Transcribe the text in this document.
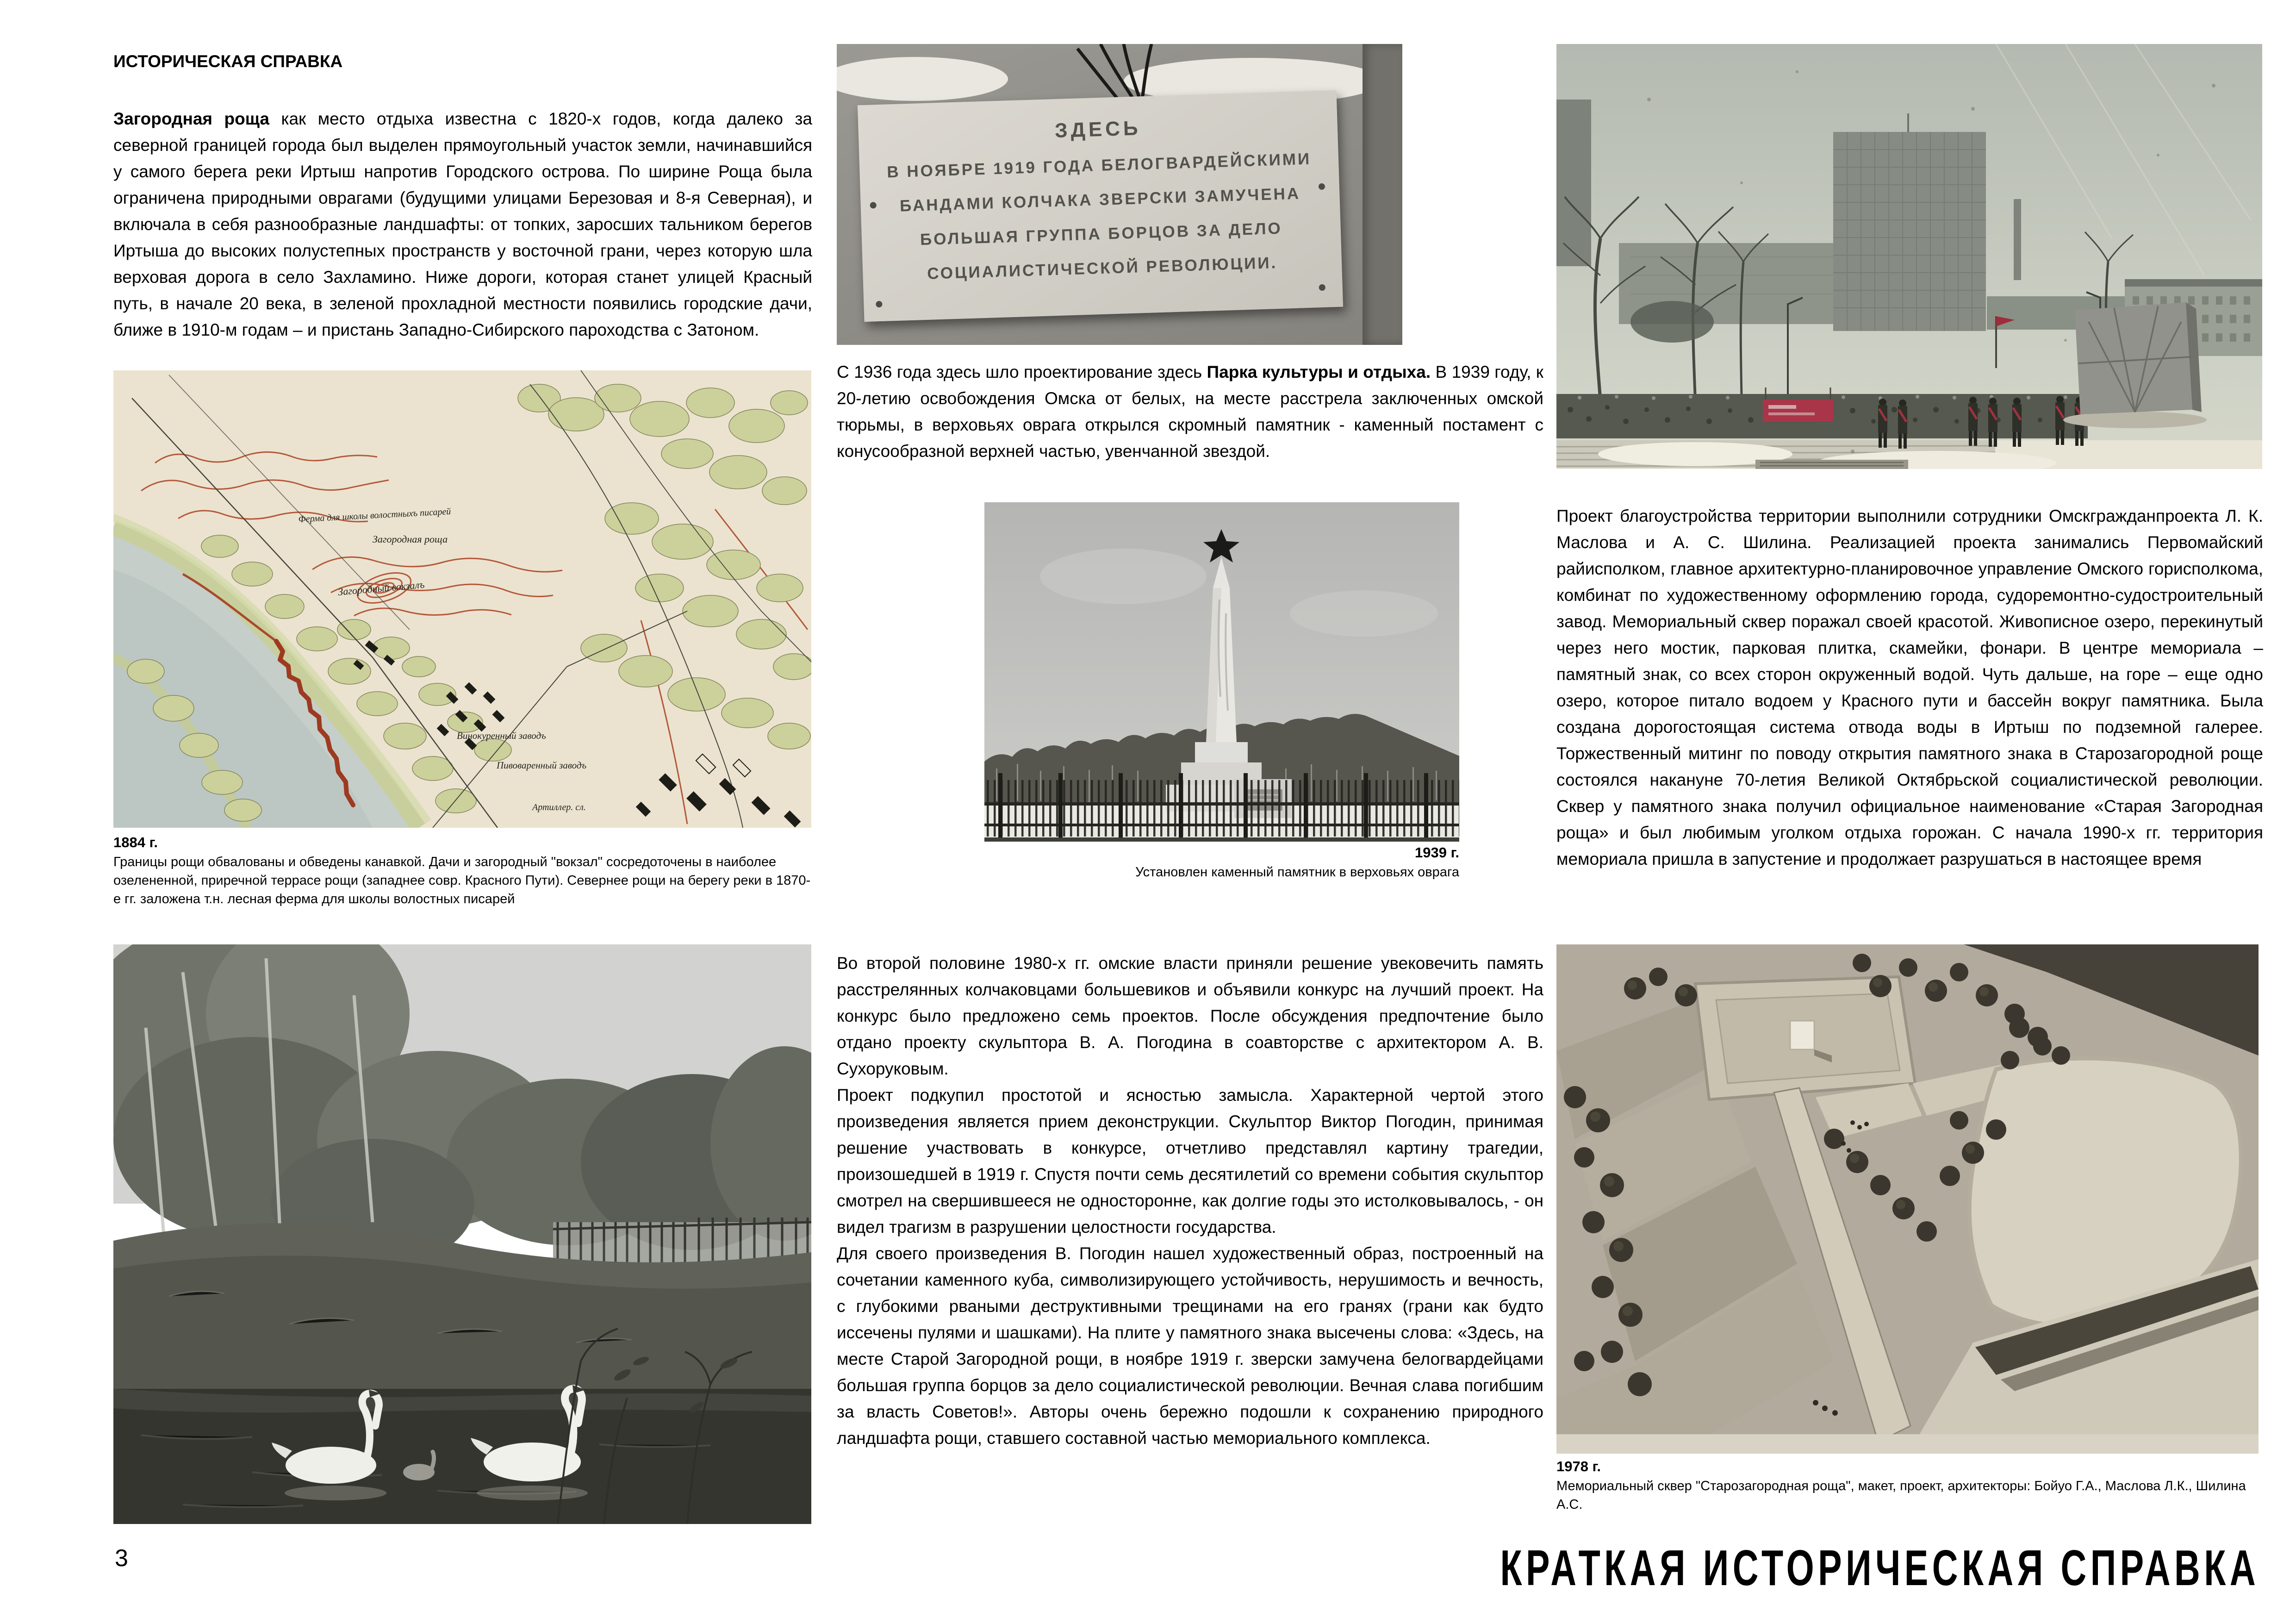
ИСТОРИЧЕСКАЯ СПРАВКА

Загородная роща как место отдыха известна с 1820-х годов, когда далеко за северной границей города был выделен прямоугольный участок земли, начинавшийся у самого берега реки Иртыш напротив Городского острова. По ширине Роща была ограничена природными оврагами (будущими улицами Березовая и 8-я Северная), и включала в себя разнообразные ландшафты: от топких, заросших тальником берегов Иртыша до высоких полустепных пространств у восточной грани, через которую шла верховая дорога в село Захламино. Ниже дороги, которая станет улицей Красный путь, в начале 20 века, в зеленой прохладной местности появились городские дачи, ближе в 1910-м годам – и пристань Западно-Сибирского пароходства с Затоном.

Ферма для школы волостныхъ писарей
Загородная роща
Загородный вокзалъ
Винокуренный заводъ
Пивоваренный заводъ
Артиллер. сл.
1884 г.
Границы рощи обвалованы и обведены канавкой. Дачи и загородный "вокзал" сосредоточены в наиболее озелененной, приречной террасе рощи (западнее совр. Красного Пути). Севернее рощи на берегу реки в 1870-е гг. заложена т.н. лесная ферма для школы волостных писарей
ЗДЕСЬ
В НОЯБРЕ 1919 ГОДА БЕЛОГВАРДЕЙСКИМИ
БАНДАМИ КОЛЧАКА ЗВЕРСКИ ЗАМУЧЕНА
БОЛЬШАЯ ГРУППА БОРЦОВ ЗА ДЕЛО
СОЦИАЛИСТИЧЕСКОЙ РЕВОЛЮЦИИ.

С 1936 года здесь шло проектирование здесь Парка культуры и отдыха. В 1939 году, к 20-летию освобождения Омска от белых, на месте расстрела заключенных омской тюрьмы, в верховьях оврага открылся скромный памятник - каменный постамент с конусообразной верхней частью, увенчанной звездой.

1939 г.
Установлен каменный памятник в верховьях оврага

Во второй половине 1980-х гг. омские власти приняли решение увековечить память расстрелянных колчаковцами большевиков и объявили конкурс на лучший проект. На конкурс было предложено семь проектов. После обсуждения предпочтение было отдано проекту скульптора В. А. Погодина в соавторстве с архитектором А. В. Сухоруковым.

Проект подкупил простотой и ясностью замысла. Характерной чертой этого произведения является прием деконструкции. Скульптор Виктор Погодин, принимая решение участвовать в конкурсе, отчетливо представлял картину трагедии, произошедшей в 1919 г. Спустя почти семь десятилетий со времени события скульптор смотрел на свершившееся не односторонне, как долгие годы это истолковывалось, - он видел трагизм в разрушении целостности государства.

Для своего произведения В. Погодин нашел художественный образ, построенный на сочетании каменного куба, символизирующего устойчивость, нерушимость и вечность, с глубокими рваными деструктивными трещинами на его гранях (грани как будто иссечены пулями и шашками). На плите у памятного знака высечены слова: «Здесь, на месте Старой Загородной рощи, в ноябре 1919 г. зверски замучена белогвардейцами большая группа борцов за дело социалистической революции. Вечная слава погибшим за власть Советов!». Авторы очень бережно подошли к сохранению природного ландшафта рощи, ставшего составной частью мемориального комплекса.

Проект благоустройства территории выполнили сотрудники Омскгражданпроекта Л. К. Маслова и А. С. Шилина. Реализацией проекта занимались Первомайский райисполком, главное архитектурно-планировочное управление Омского горисполкома, комбинат по художественному оформлению города, судоремонтно-судостроительный завод. Мемориальный сквер поражал своей красотой. Живописное озеро, перекинутый через него мостик, парковая плитка, скамейки, фонари. В центре мемориала – памятный знак, со всех сторон окруженный водой. Чуть дальше, на горе – еще одно озеро, которое питало водоем у Красного пути и бассейн вокруг памятника. Была создана дорогостоящая система отвода воды в Иртыш по подземной галерее. Торжественный митинг по поводу открытия памятного знака в Старозагородной роще состоялся накануне 70-летия Великой Октябрьской социалистической революции. Сквер у памятного знака получил официальное наименование «Старая Загородная роща» и был любимым уголком отдыха горожан. С начала 1990-х гг. территория мемориала пришла в запустение и продолжает разрушаться в настоящее время

1978 г.
Мемориальный сквер "Старозагородная роща", макет, проект, архитекторы: Бойуо Г.А., Маслова Л.К., Шилина А.С.
3	КРАТКАЯ ИСТОРИЧЕСКАЯ СПРАВКА
